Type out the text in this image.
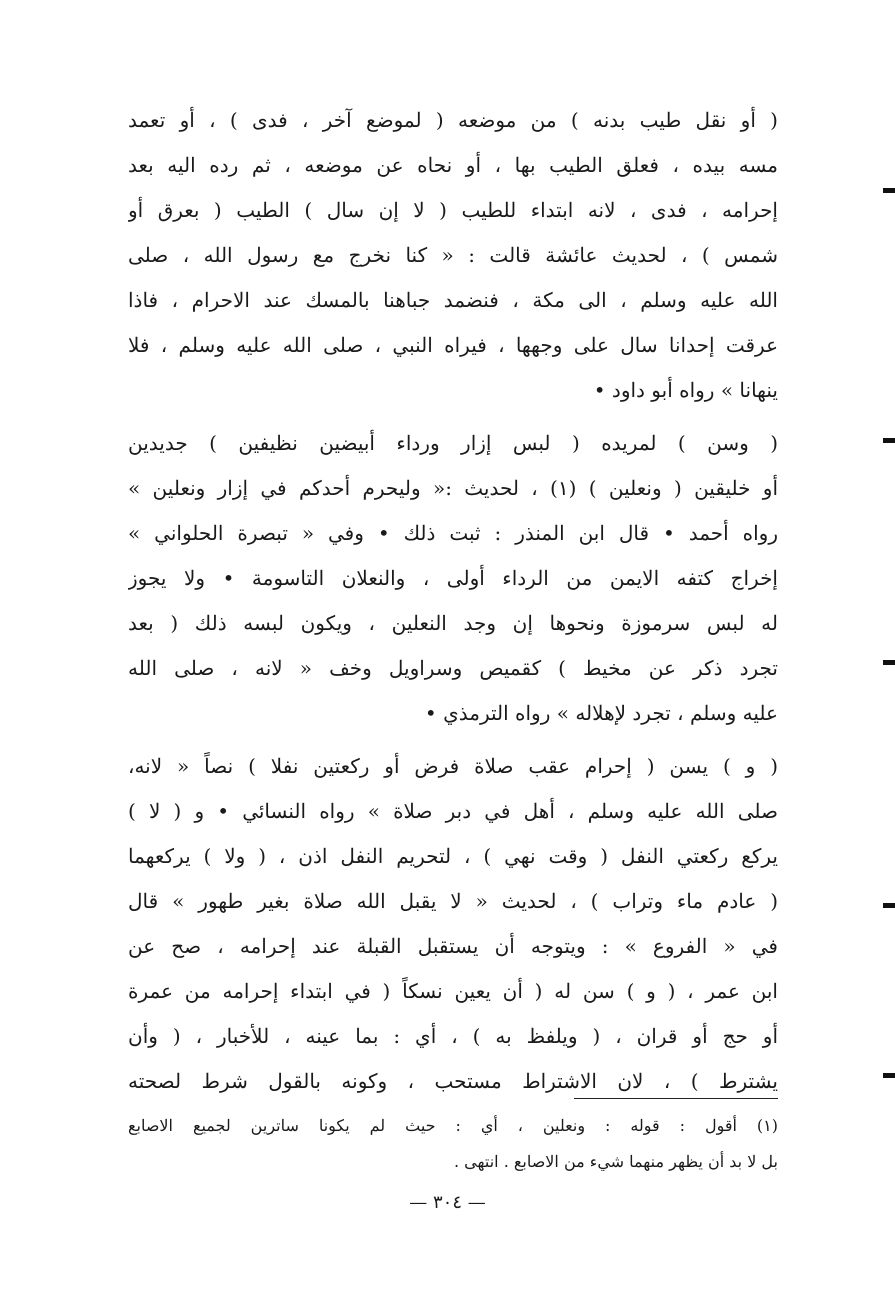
( أو نقل طيب بدنه ) من موضعه ( لموضع آخر ، فدى ) ، أو تعمد
مسه بيده ، فعلق الطيب بها ، أو نحاه عن موضعه ، ثم رده اليه بعد
إحرامه ، فدى ، لانه ابتداء للطيب ( لا إن سال ) الطيب ( بعرق أو
شمس ) ، لحديث عائشة قالت : « كنا نخرج مع رسول الله ، صلى
الله عليه وسلم ، الى مكة ، فنضمد جباهنا بالمسك عند الاحرام ، فاذا
عرقت إحدانا سال على وجهها ، فيراه النبي ، صلى الله عليه وسلم ، فلا
ينهانا » رواه أبو داود •
( وسن ) لمريده ( لبس إزار ورداء أبيضين نظيفين ) جديدين
أو خليقين ( ونعلين ) (١) ، لحديث :« وليحرم أحدكم في إزار ونعلين »
رواه أحمد • قال ابن المنذر : ثبت ذلك • وفي « تبصرة الحلواني »
إخراج كتفه الايمن من الرداء أولى ، والنعلان التاسومة • ولا يجوز
له لبس سرموزة ونحوها إن وجد النعلين ، ويكون لبسه ذلك ( بعد
تجرد ذكر عن مخيط ) كقميص وسراويل وخف « لانه ، صلى الله
عليه وسلم ، تجرد لإهلاله » رواه الترمذي •
( و ) يسن ( إحرام عقب صلاة فرض أو ركعتين نفلا ) نصاً « لانه،
صلى الله عليه وسلم ، أهل في دبر صلاة » رواه النسائي • و ( لا )
يركع ركعتي النفل ( وقت نهي ) ، لتحريم النفل اذن ، ( ولا ) يركعهما
( عادم ماء وتراب ) ، لحديث « لا يقبل الله صلاة بغير طهور » قال
في « الفروع » : ويتوجه أن يستقبل القبلة عند إحرامه ، صح عن
ابن عمر ، ( و ) سن له ( أن يعين نسكاً ( في ابتداء إحرامه من عمرة
أو حج أو قران ، ( ويلفظ به ) ، أي : بما عينه ، للأخبار ، ( وأن
يشترط ) ، لان الاشتراط مستحب ، وكونه بالقول شرط لصحته
(١) أقول : قوله : ونعلين ، أي : حيث لم يكونا ساترين لجميع الاصابع
بل لا بد أن يظهر منهما شيء من الاصابع . انتهى .
— ٣٠٤ —
